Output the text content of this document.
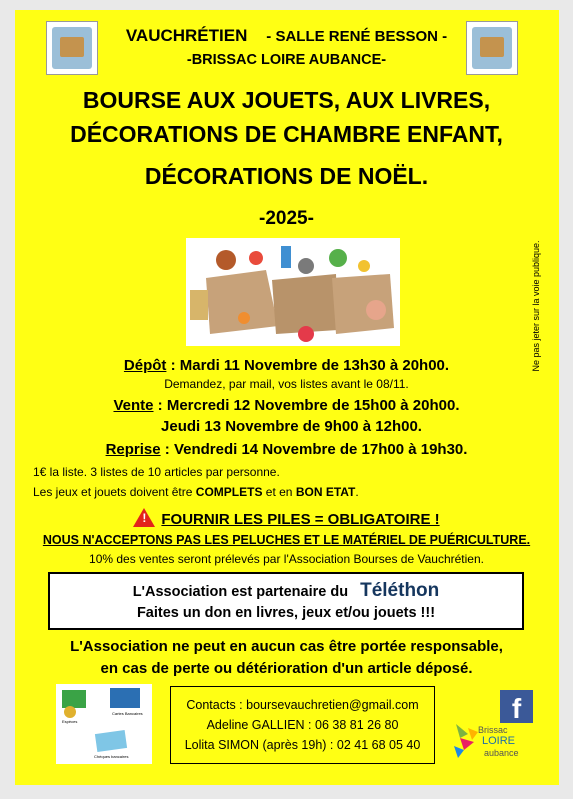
VAUCHRÉTIEN - SALLE RENÉ BESSON -
-BRISSAC LOIRE AUBANCE-
BOURSE AUX JOUETS, AUX LIVRES,
DÉCORATIONS DE CHAMBRE ENFANT,
DÉCORATIONS DE NOËL.
-2025-
Ne pas jeter sur la voie publique.
Dépôt : Mardi 11 Novembre de 13h30 à 20h00.
Demandez, par mail, vos listes avant le 08/11.
Vente : Mercredi 12 Novembre de 15h00 à 20h00.
Jeudi 13 Novembre de 9h00 à 12h00.
Reprise : Vendredi 14 Novembre de 17h00 à 19h30.
1€ la liste. 3 listes de 10 articles par personne.
Les jeux et jouets doivent être COMPLETS et en BON ETAT.
!FOURNIR LES PILES = OBLIGATOIRE !
NOUS N'ACCEPTONS PAS LES PELUCHES ET LE MATÉRIEL DE PUÉRICULTURE.
10% des ventes seront prélevés par l'Association Bourses de Vauchrétien.
L'Association est partenaire du Téléthon
Faites un don en livres, jeux et/ou jouets !!!
L'Association ne peut en aucun cas être portée responsable,
en cas de perte ou détérioration d'un article déposé.
Espèces
Cartes Bancaires
Chèques bancaires
Contacts : boursevauchretien@gmail.com
Adeline GALLIEN : 06 38 81 26 80
Lolita SIMON (après 19h) : 02 41 68 05 40
f
Brissac
LOIRE
aubance
